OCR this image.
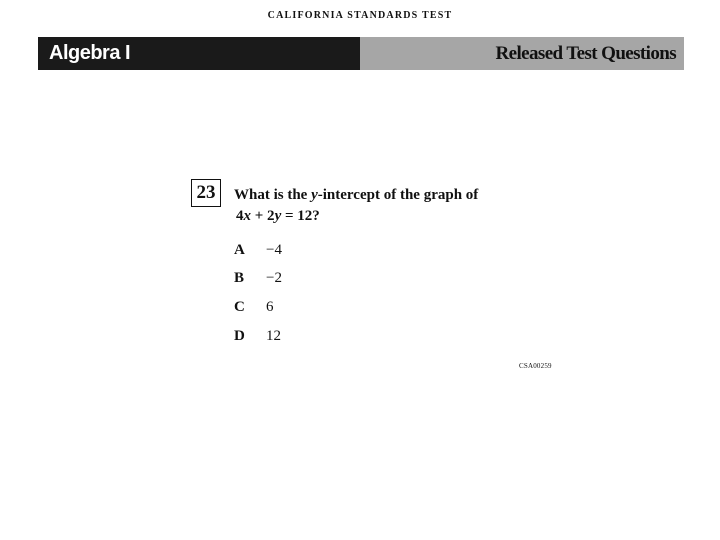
CALIFORNIA STANDARDS TEST
Algebra I	Released Test Questions
23	What is the y-intercept of the graph of
4x + 2y = 12?
A	−4
B	−2
C	6
D	12
CSA00259
